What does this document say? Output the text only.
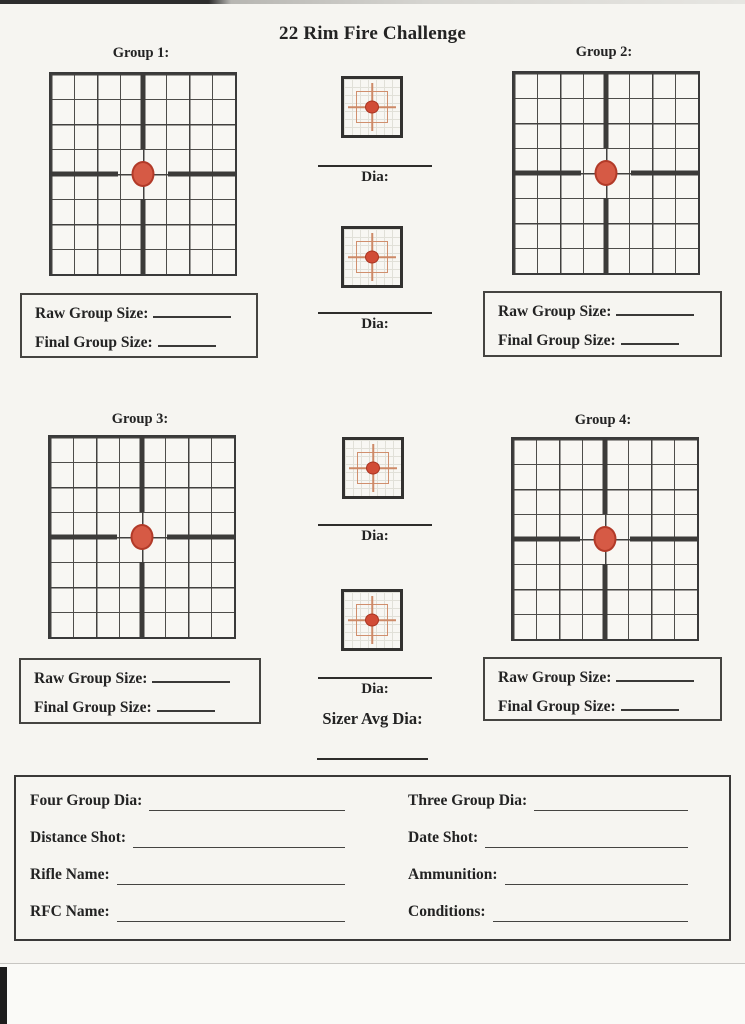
22 Rim Fire Challenge
Group 1:	Group 2:
Group 3:	Group 4:
Dia:
Dia:
Dia:
Dia:
Sizer Avg Dia:
Raw Group Size:
Final Group Size:
Raw Group Size:
Final Group Size:
Raw Group Size:
Final Group Size:
Raw Group Size:
Final Group Size:
Four Group Dia:
Distance Shot:
Rifle Name:
RFC Name:
Three Group Dia:
Date Shot:
Ammunition:
Conditions:
